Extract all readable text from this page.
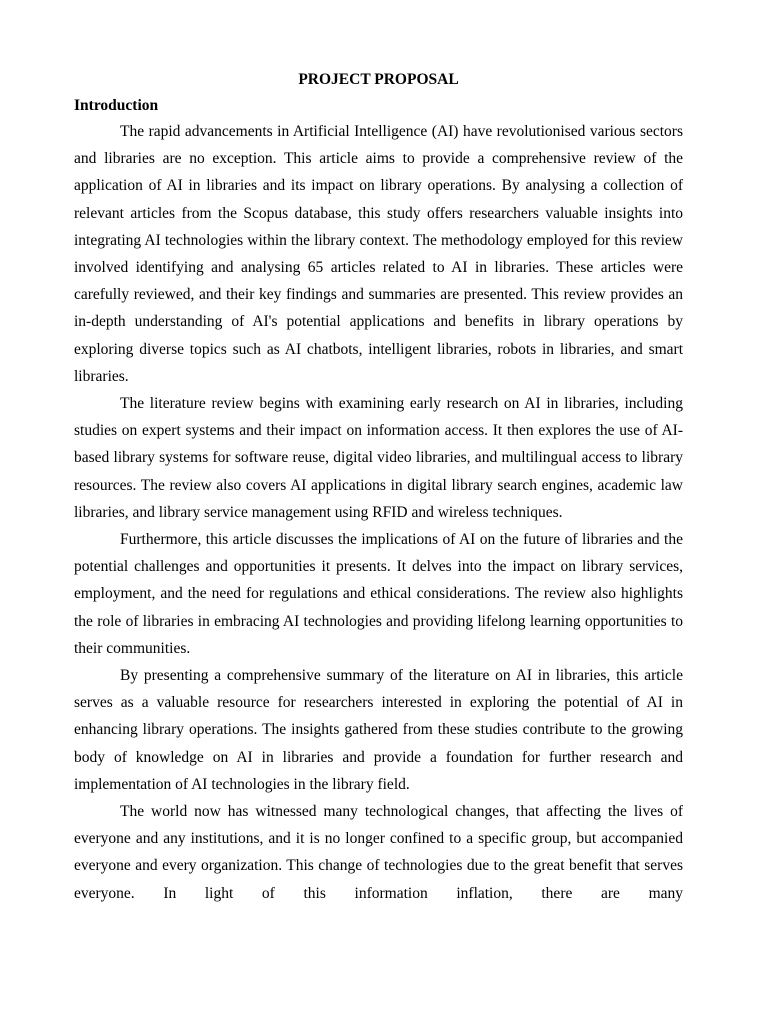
PROJECT PROPOSAL

Introduction

The rapid advancements in Artificial Intelligence (AI) have revolutionised various sectors and libraries are no exception. This article aims to provide a comprehensive review of the application of AI in libraries and its impact on library operations. By analysing a collection of relevant articles from the Scopus database, this study offers researchers valuable insights into integrating AI technologies within the library context. The methodology employed for this review involved identifying and analysing 65 articles related to AI in libraries. These articles were carefully reviewed, and their key findings and summaries are presented. This review provides an in-depth understanding of AI's potential applications and benefits in library operations by exploring diverse topics such as AI chatbots, intelligent libraries, robots in libraries, and smart libraries.

The literature review begins with examining early research on AI in libraries, including studies on expert systems and their impact on information access. It then explores the use of AI-based library systems for software reuse, digital video libraries, and multilingual access to library resources. The review also covers AI applications in digital library search engines, academic law libraries, and library service management using RFID and wireless techniques.

Furthermore, this article discusses the implications of AI on the future of libraries and the potential challenges and opportunities it presents. It delves into the impact on library services, employment, and the need for regulations and ethical considerations. The review also highlights the role of libraries in embracing AI technologies and providing lifelong learning opportunities to their communities.

By presenting a comprehensive summary of the literature on AI in libraries, this article serves as a valuable resource for researchers interested in exploring the potential of AI in enhancing library operations. The insights gathered from these studies contribute to the growing body of knowledge on AI in libraries and provide a foundation for further research and implementation of AI technologies in the library field.

The world now has witnessed many technological changes, that affecting the lives of everyone and any institutions, and it is no longer confined to a specific group, but accompanied everyone and every organization. This change of technologies due to the great benefit that serves everyone. In light of this information inflation, there are many
